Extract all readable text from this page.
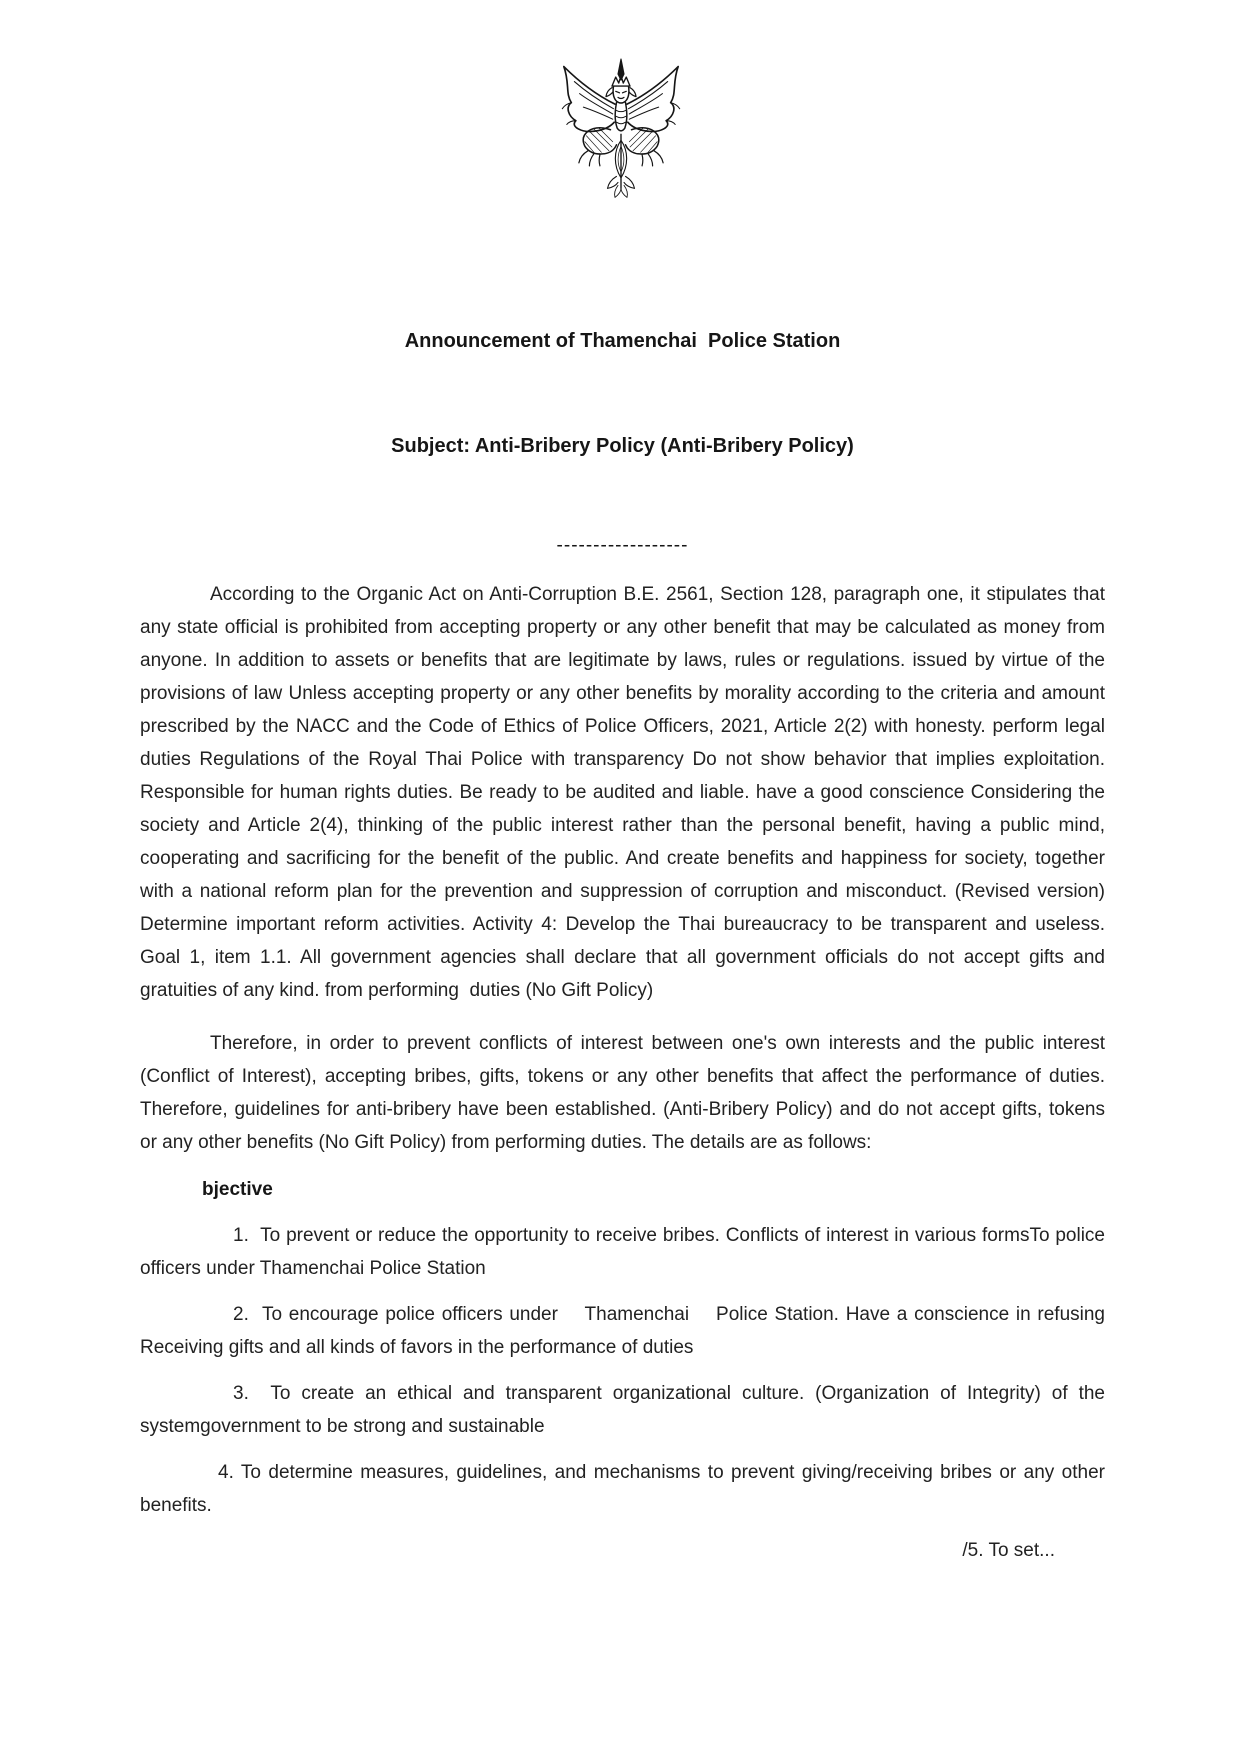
Announcement of Thamenchai  Police Station

Subject: Anti-Bribery Policy (Anti-Bribery Policy)

------------------

According to the Organic Act on Anti-Corruption B.E. 2561, Section 128, paragraph one, it stipulates that any state official is prohibited from accepting property or any other benefit that may be calculated as money from anyone. In addition to assets or benefits that are legitimate by laws, rules or regulations. issued by virtue of the provisions of law Unless accepting property or any other benefits by morality according to the criteria and amount prescribed by the NACC and the Code of Ethics of Police Officers, 2021, Article 2(2) with honesty. perform legal duties Regulations of the Royal Thai Police with transparency Do not show behavior that implies exploitation. Responsible for human rights duties. Be ready to be audited and liable. have a good conscience Considering the society and Article 2(4), thinking of the public interest rather than the personal benefit, having a public mind, cooperating and sacrificing for the benefit of the public. And create benefits and happiness for society, together with a national reform plan for the prevention and suppression of corruption and misconduct. (Revised version) Determine important reform activities. Activity 4: Develop the Thai bureaucracy to be transparent and useless. Goal 1, item 1.1. All government agencies shall declare that all government officials do not accept gifts and gratuities of any kind. from performing  duties (No Gift Policy)

Therefore, in order to prevent conflicts of interest between one's own interests and the public interest (Conflict of Interest), accepting bribes, gifts, tokens or any other benefits that affect the performance of duties. Therefore, guidelines for anti-bribery have been established. (Anti-Bribery Policy) and do not accept gifts, tokens or any other benefits (No Gift Policy) from performing duties. The details are as follows:

bjective

1.  To prevent or reduce the opportunity to receive bribes. Conflicts of interest in various formsTo police officers under Thamenchai Police Station

2.  To encourage police officers under    Thamenchai    Police Station. Have a conscience in refusing Receiving gifts and all kinds of favors in the performance of duties

3.  To create an ethical and transparent organizational culture. (Organization of Integrity) of the systemgovernment to be strong and sustainable

4. To determine measures, guidelines, and mechanisms to prevent giving/receiving bribes or any other benefits.

/5. To set...
